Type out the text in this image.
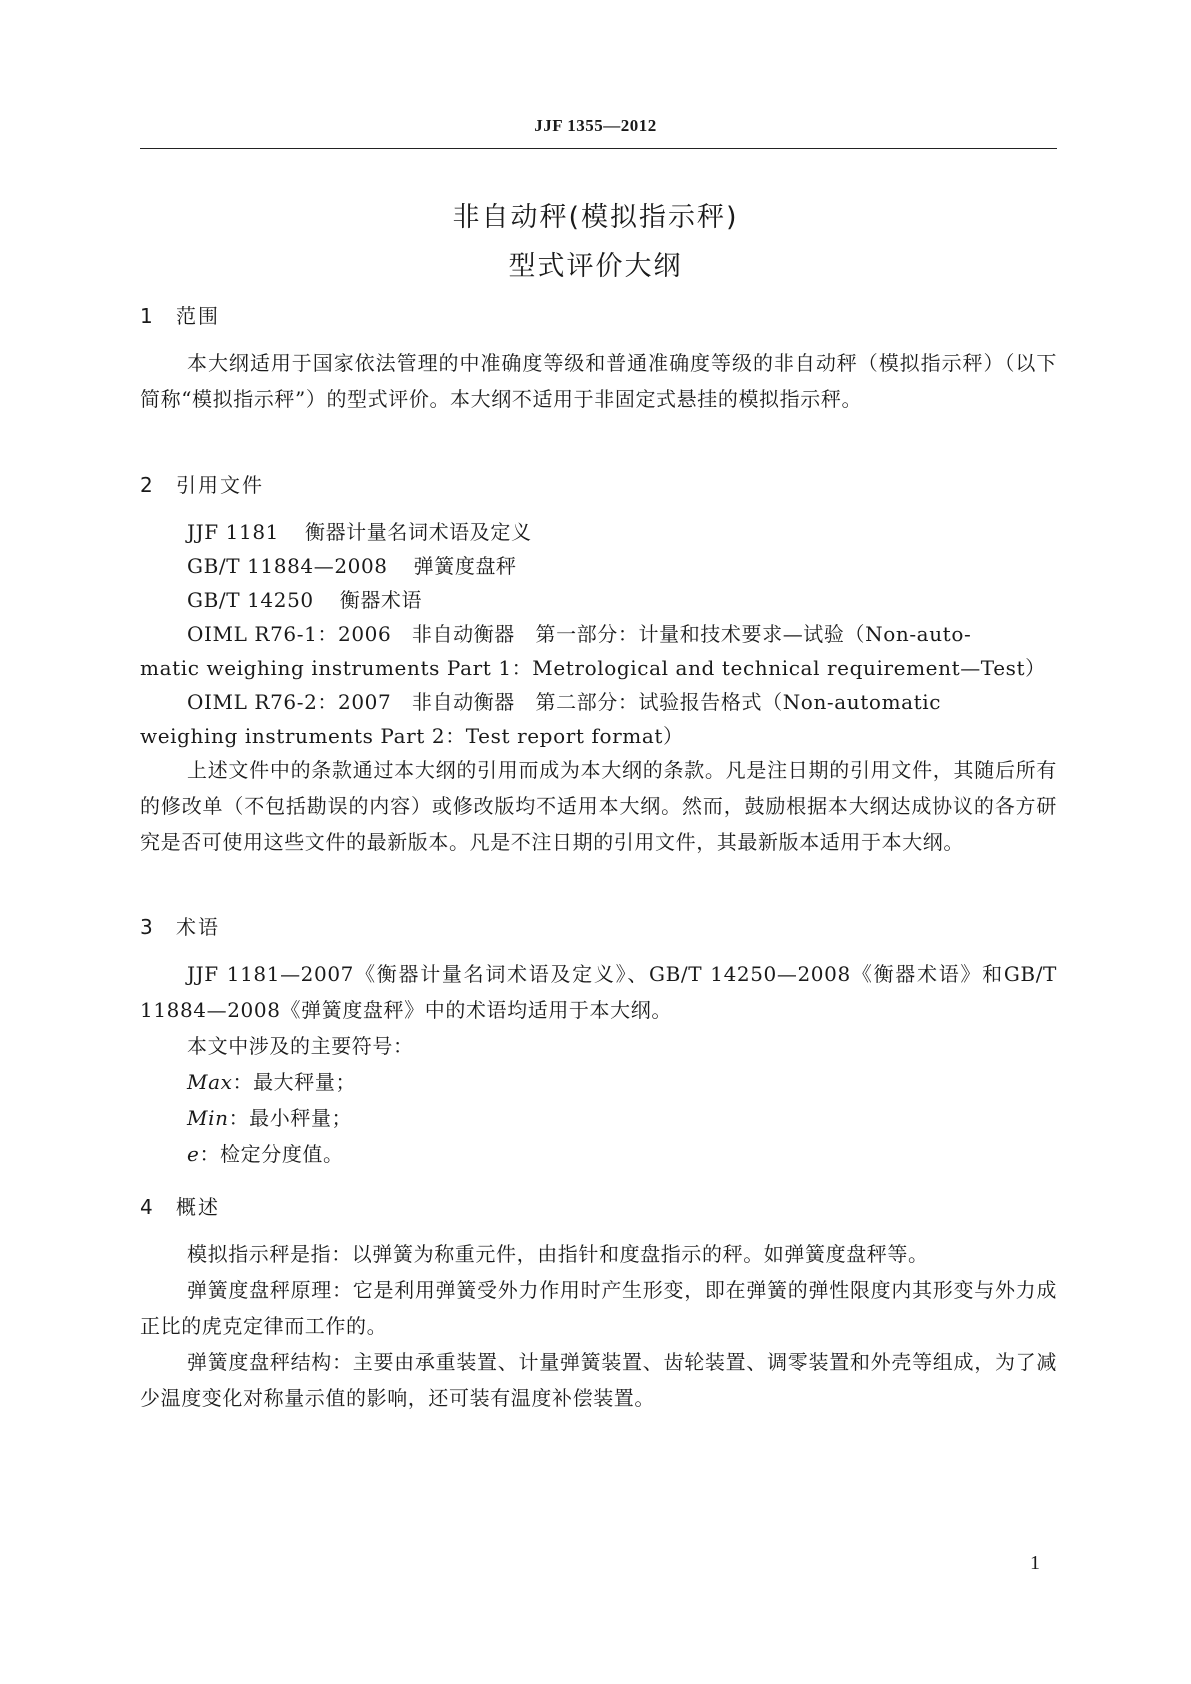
JJF 1355—2012
非自动秤(模拟指示秤)
型式评价大纲
1 范围
本大纲适用于国家依法管理的中准确度等级和普通准确度等级的非自动秤（模拟指示秤）（以下简称“模拟指示秤”）的型式评价。本大纲不适用于非固定式悬挂的模拟指示秤。
2 引用文件
JJF 1181 衡器计量名词术语及定义
GB/T 11884—2008 弹簧度盘秤
GB/T 14250 衡器术语
OIML R76-1：2006　非自动衡器　第一部分：计量和技术要求—试验（Non-auto-
matic weighing instruments Part 1：Metrological and technical requirement—Test）
OIML R76-2：2007　非自动衡器　第二部分：试验报告格式（Non-automatic
weighing instruments Part 2：Test report format）
上述文件中的条款通过本大纲的引用而成为本大纲的条款。凡是注日期的引用文件，其随后所有的修改单（不包括勘误的内容）或修改版均不适用本大纲。然而，鼓励根据本大纲达成协议的各方研究是否可使用这些文件的最新版本。凡是不注日期的引用文件，其最新版本适用于本大纲。
3 术语
JJF 1181—2007《衡器计量名词术语及定义》、GB/T 14250—2008《衡器术语》和GB/T 11884—2008《弹簧度盘秤》中的术语均适用于本大纲。
本文中涉及的主要符号：
Max：最大秤量；
Min：最小秤量；
e：检定分度值。
4 概述
模拟指示秤是指：以弹簧为称重元件，由指针和度盘指示的秤。如弹簧度盘秤等。
弹簧度盘秤原理：它是利用弹簧受外力作用时产生形变，即在弹簧的弹性限度内其形变与外力成正比的虎克定律而工作的。
弹簧度盘秤结构：主要由承重装置、计量弹簧装置、齿轮装置、调零装置和外壳等组成，为了减少温度变化对称量示值的影响，还可装有温度补偿装置。
1
